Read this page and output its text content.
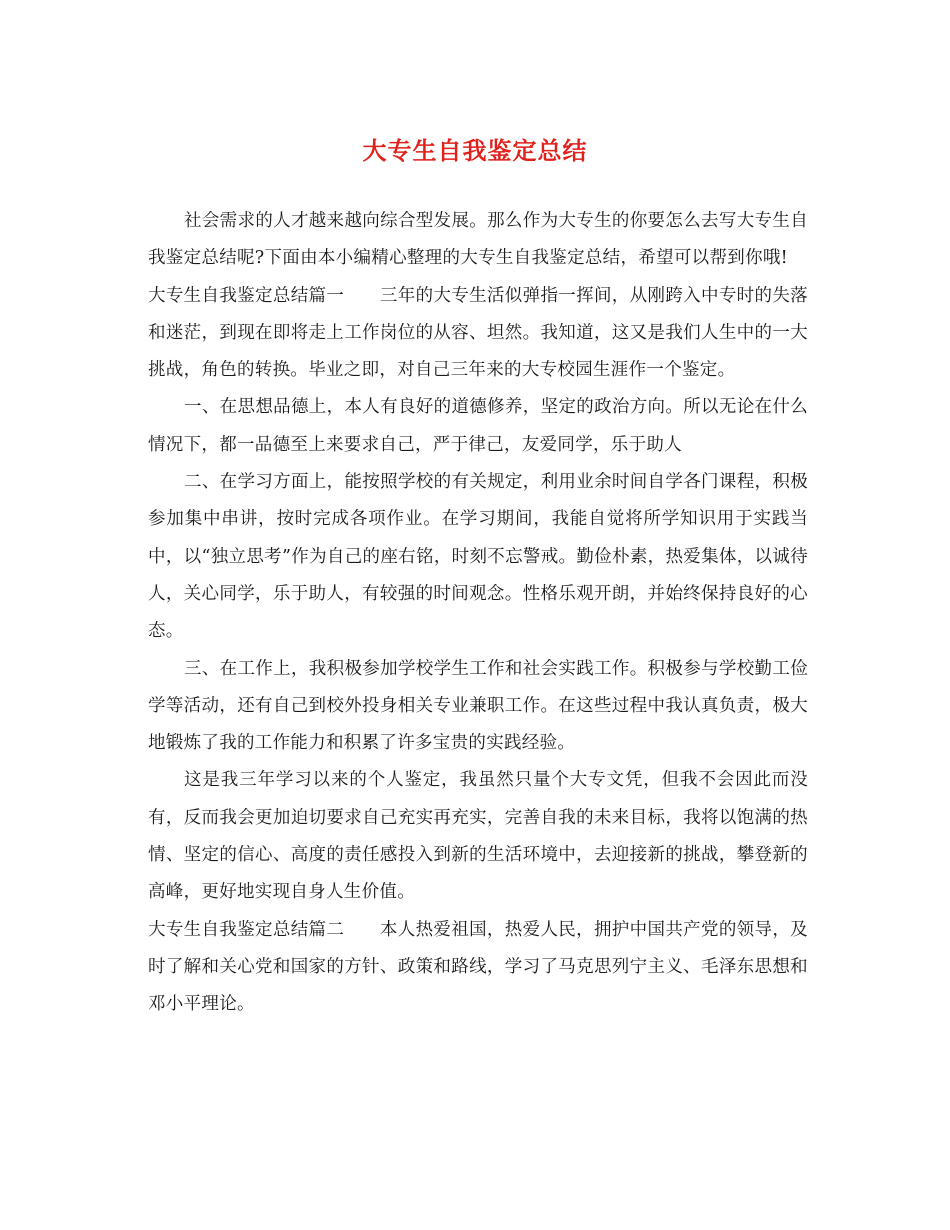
大专生自我鉴定总结

社会需求的人才越来越向综合型发展。那么作为大专生的你要怎么去写大专生自我鉴定总结呢?下面由本小编精心整理的大专生自我鉴定总结，希望可以帮到你哦!

大专生自我鉴定总结篇一　　三年的大专生活似弹指一挥间，从刚跨入中专时的失落和迷茫，到现在即将走上工作岗位的从容、坦然。我知道，这又是我们人生中的一大挑战，角色的转换。毕业之即，对自己三年来的大专校园生涯作一个鉴定。

一、在思想品德上，本人有良好的道德修养，坚定的政治方向。所以无论在什么情况下，都一品德至上来要求自己，严于律己，友爱同学，乐于助人

二、在学习方面上，能按照学校的有关规定，利用业余时间自学各门课程，积极参加集中串讲，按时完成各项作业。在学习期间，我能自觉将所学知识用于实践当中，以“独立思考”作为自己的座右铭，时刻不忘警戒。勤俭朴素，热爱集体，以诚待人，关心同学，乐于助人，有较强的时间观念。性格乐观开朗，并始终保持良好的心态。

三、在工作上，我积极参加学校学生工作和社会实践工作。积极参与学校勤工俭学等活动，还有自己到校外投身相关专业兼职工作。在这些过程中我认真负责，极大地锻炼了我的工作能力和积累了许多宝贵的实践经验。

这是我三年学习以来的个人鉴定，我虽然只量个大专文凭，但我不会因此而没有，反而我会更加迫切要求自己充实再充实，完善自我的未来目标，我将以饱满的热情、坚定的信心、高度的责任感投入到新的生活环境中，去迎接新的挑战，攀登新的高峰，更好地实现自身人生价值。

大专生自我鉴定总结篇二　　本人热爱祖国，热爱人民，拥护中国共产党的领导，及时了解和关心党和国家的方针、政策和路线，学习了马克思列宁主义、毛泽东思想和邓小平理论。
